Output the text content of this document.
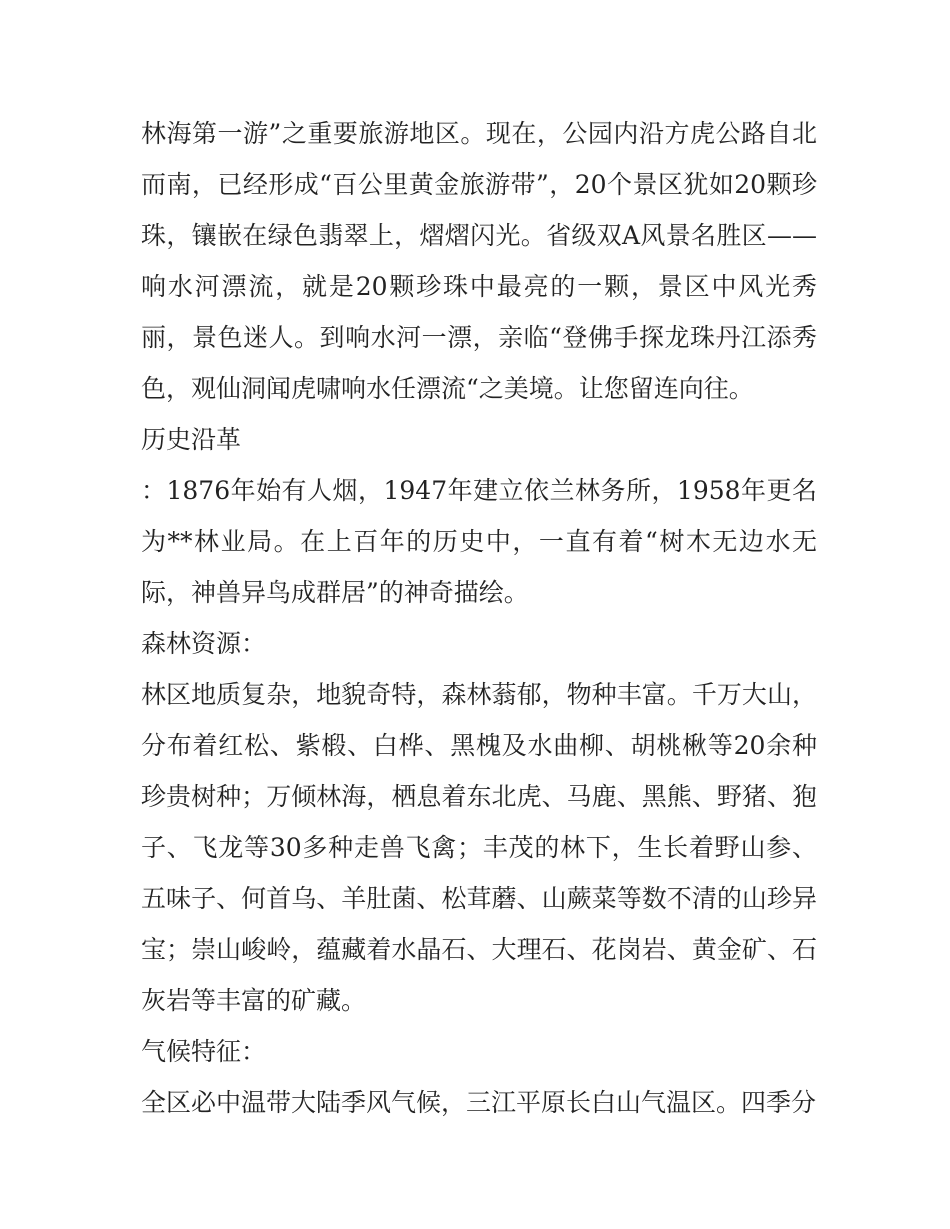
林海第一游”之重要旅游地区。现在，公园内沿方虎公路自北而南，已经形成“百公里黄金旅游带”，20个景区犹如20颗珍珠，镶嵌在绿色翡翠上，熠熠闪光。省级双A风景名胜区——响水河漂流，就是20颗珍珠中最亮的一颗，景区中风光秀丽，景色迷人。到响水河一漂，亲临“登佛手探龙珠丹江添秀色，观仙洞闻虎啸响水任漂流“之美境。让您留连向往。

历史沿革

：1876年始有人烟，1947年建立依兰林务所，1958年更名为**林业局。在上百年的历史中，一直有着“树木无边水无际，神兽异鸟成群居”的神奇描绘。

森林资源：

林区地质复杂，地貌奇特，森林蓊郁，物种丰富。千万大山，分布着红松、紫椴、白桦、黑槐及水曲柳、胡桃楸等20余种珍贵树种；万倾林海，栖息着东北虎、马鹿、黑熊、野猪、狍子、飞龙等30多种走兽飞禽；丰茂的林下，生长着野山参、五味子、何首乌、羊肚菌、松茸蘑、山蕨菜等数不清的山珍异宝；崇山峻岭，蕴藏着水晶石、大理石、花岗岩、黄金矿、石灰岩等丰富的矿藏。

气候特征：

全区必中温带大陆季风气候，三江平原长白山气温区。四季分
